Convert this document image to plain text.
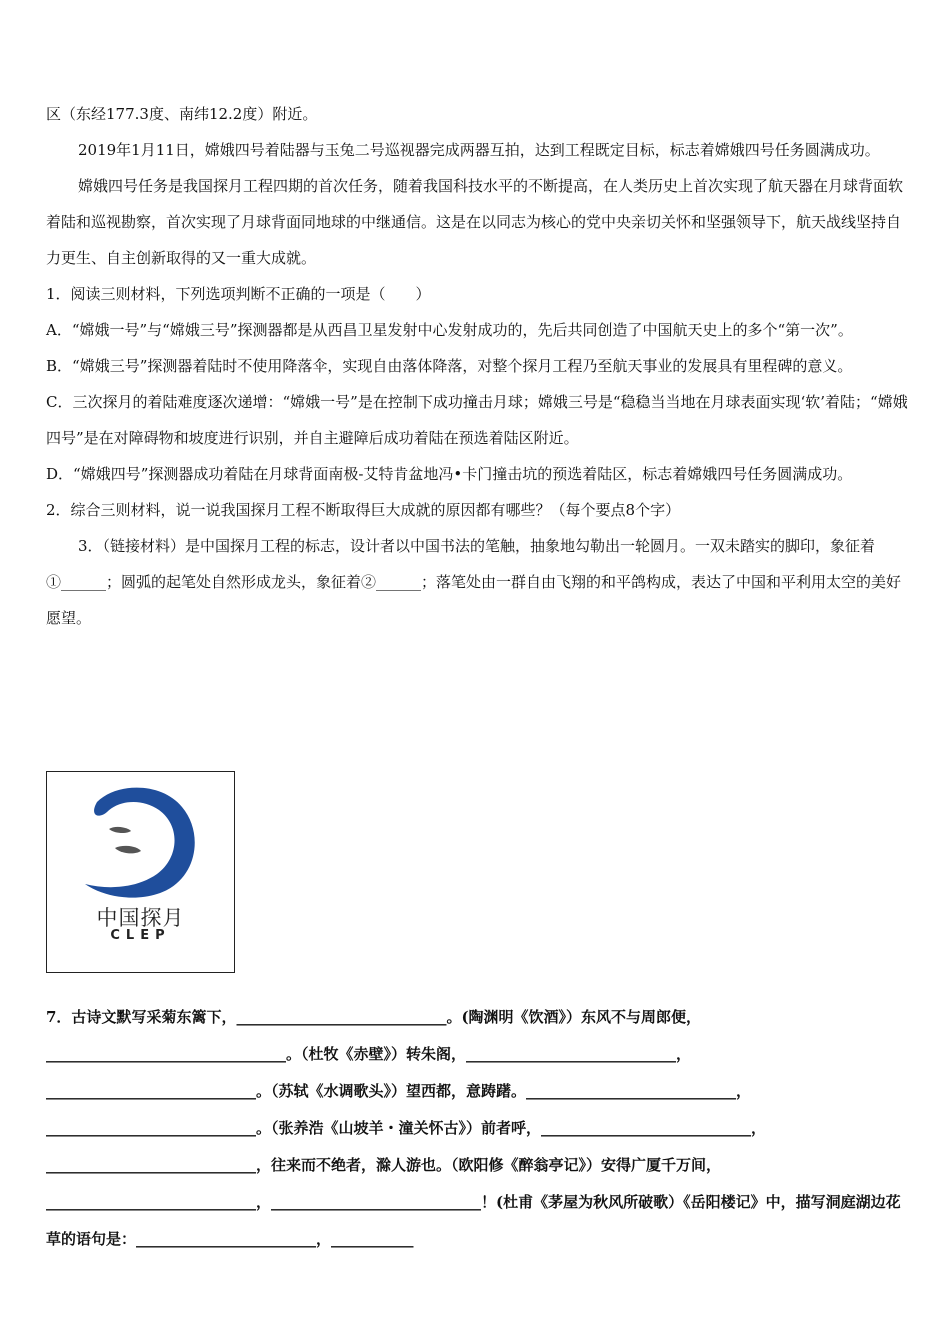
区（东经177.3度、南纬12.2度）附近。

2019年1月11日，嫦娥四号着陆器与玉兔二号巡视器完成两器互拍，达到工程既定目标，标志着嫦娥四号任务圆满成功。

嫦娥四号任务是我国探月工程四期的首次任务，随着我国科技水平的不断提高，在人类历史上首次实现了航天器在月球背面软着陆和巡视勘察，首次实现了月球背面同地球的中继通信。这是在以同志为核心的党中央亲切关怀和坚强领导下，航天战线坚持自力更生、自主创新取得的又一重大成就。

1．阅读三则材料，下列选项判断不正确的一项是（　　）

A．“嫦娥一号”与“嫦娥三号”探测器都是从西昌卫星发射中心发射成功的，先后共同创造了中国航天史上的多个“第一次”。

B．“嫦娥三号”探测器着陆时不使用降落伞，实现自由落体降落，对整个探月工程乃至航天事业的发展具有里程碑的意义。

C．三次探月的着陆难度逐次递增：“嫦娥一号”是在控制下成功撞击月球；嫦娥三号是“稳稳当当地在月球表面实现‘软’着陆；“嫦娥四号”是在对障碍物和坡度进行识别，并自主避障后成功着陆在预选着陆区附近。

D．“嫦娥四号”探测器成功着陆在月球背面南极-艾特肯盆地冯•卡门撞击坑的预选着陆区，标志着嫦娥四号任务圆满成功。

2．综合三则材料，说一说我国探月工程不断取得巨大成就的原因都有哪些？（每个要点8个字）

3．（链接材料）是中国探月工程的标志，设计者以中国书法的笔触，抽象地勾勒出一轮圆月。一双未踏实的脚印，象征着①______；圆弧的起笔处自然形成龙头，象征着②______；落笔处由一群自由飞翔的和平鸽构成，表达了中国和平利用太空的美好愿望。

中国探月
CLEP

7．古诗文默写采菊东篱下，____________________________。(陶渊明《饮酒》）东风不与周郎便，________________________________。（杜牧《赤壁》）转朱阁，____________________________，____________________________。（苏轼《水调歌头》）望西都，意踌躇。____________________________，____________________________。（张养浩《山坡羊・潼关怀古》）前者呼，____________________________，____________________________，往来而不绝者，滁人游也。（欧阳修《醉翁亭记》）安得广厦千万间，____________________________，____________________________！(杜甫《茅屋为秋风所破歌）《岳阳楼记》中，描写洞庭湖边花草的语句是：________________________，___________
